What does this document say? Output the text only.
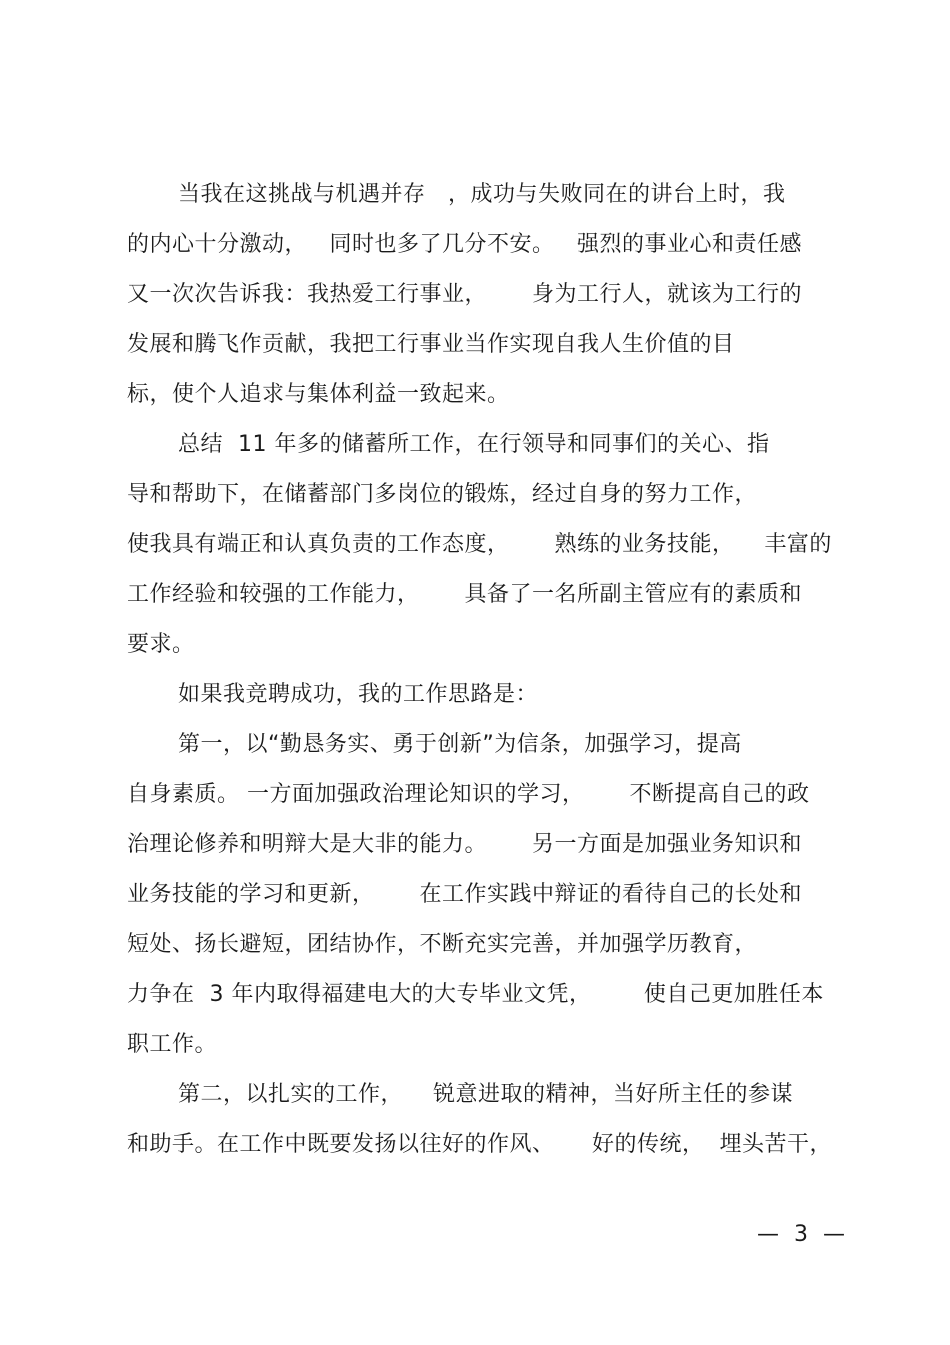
当我在这挑战与机遇并存   ，成功与失败同在的讲台上时，我
的内心十分激动，   同时也多了几分不安。   强烈的事业心和责任感
又一次次告诉我：我热爱工行事业，      身为工行人，就该为工行的
发展和腾飞作贡献，我把工行事业当作实现自我人生价值的目
标，使个人追求与集体利益一致起来。
总结  11 年多的储蓄所工作，在行领导和同事们的关心、指
导和帮助下，在储蓄部门多岗位的锻炼，经过自身的努力工作，
使我具有端正和认真负责的工作态度，      熟练的业务技能，    丰富的
工作经验和较强的工作能力，      具备了一名所副主管应有的素质和
要求。
如果我竞聘成功，我的工作思路是：
第一，以“勤恳务实、勇于创新”为信条，加强学习，提高
自身素质。 一方面加强政治理论知识的学习，      不断提高自己的政
治理论修养和明辩大是大非的能力。      另一方面是加强业务知识和
业务技能的学习和更新，      在工作实践中辩证的看待自己的长处和
短处、扬长避短，团结协作，不断充实完善，并加强学历教育，
力争在  3 年内取得福建电大的大专毕业文凭，       使自己更加胜任本
职工作。
第二，以扎实的工作，    锐意进取的精神，当好所主任的参谋
和助手。在工作中既要发扬以往好的作风、     好的传统，  埋头苦干，
— 3 —
